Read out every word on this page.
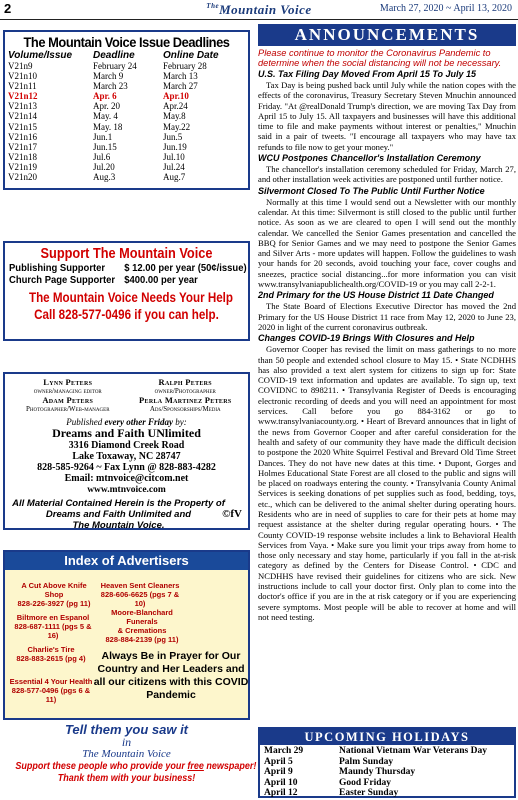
2	$^{The}$Mountain Voice	March 27, 2020 ~ April 13, 2020
The Mountain Voice Issue Deadlines
Volume/Issue	Deadline	Online Date
V21n9	February 24	February 28
V21n10	March 9	March 13
V21n11	March 23	March 27
V21n12	Apr. 6	Apr.10
V21n13	Apr. 20	Apr.24
V21n14	May. 4	May.8
V21n15	May. 18	May.22
V21n16	Jun.1	Jun.5
V21n17	Jun.15	Jun.19
V21n18	Jul.6	Jul.10
V21n19	Jul.20	Jul.24
V21n20	Aug.3	Aug.7
Support The Mountain Voice
Publishing Supporter $ 12.00 per year (50¢/issue)
Church Page Supporter $400.00 per year
The Mountain Voice Needs Your Help
Call 828-577-0496 if you can help.
Lynn Peters
owner/managing editor
Ralph Peters
owner/Photographer
Adam Peters
Photographer/Web-manager
Perla Martinez Peters
Ads/Sponsorships/Media
Published every other Friday by:
Dreams and Faith UNlimited
3316 Diamond Creek Road
Lake Toxaway, NC 28747
828-585-9264 ~ Fax Lynn @ 828-883-4282
Email: mtnvoice@citcom.net
www.mtnvoice.com
All Material Contained Herein is the Property of
Dreams and Faith Unlimited and
The Mountain Voice.
©fV
Index of Advertisers
A Cut Above Knife Shop
828-226-3927 (pg 11)
Heaven Sent Cleaners
828-606-6625 (pgs 7 & 10)
Biltmore en Espanol
828-687-1111 (pgs 5 & 16)
Moore-Blanchard Funerals
& Cremations
828-884-2139 (pg 11)
Charlie's Tire
828-883-2615 (pg 4)
Essential 4 Your Health
828-577-0496 (pgs 6 & 11)
Always Be in Prayer for Our Country and Her Leaders and all our citizens with this COVID Pandemic
Tell them you saw it
in
The Mountain Voice
Support these people who provide your free newspaper!
Thank them with your business!
ANNOUNCEMENTS
Please continue to monitor the Coronavirus Pandemic to determine when the social distancing will not be necessary.
U.S. Tax Filing Day Moved From April 15 To July 15
Tax Day is being pushed back until July while the nation copes with the effects of the coronavirus, Treasury Secretary Steven Mnuchin announced Friday. "At @realDonald Trump's direction, we are moving Tax Day from April 15 to July 15. All taxpayers and businesses will have this additional time to file and make payments without interest or penalties," Mnuchin said in a pair of tweets. "I encourage all taxpayers who may have tax refunds to file now to get your money."
WCU Postpones Chancellor's Installation Ceremony
The chancellor's installation ceremony scheduled for Friday, March 27, and other installation week activities are postponed until further notice.
Silvermont Closed To The Public Until Further Notice
Normally at this time I would send out a Newsletter with our monthly calendar. At this time: Silvermont is still closed to the public until further notice. As soon as we are cleared to open I will send out the monthly calendar. We cancelled the Senior Games presentation and cancelled the BBQ for Senior Games and we may need to postpone the Senior Games and Silver Arts - more updates will happen. Follow the guidelines to wash your hands for 20 seconds, avoid touching your face, cover coughs and sneezes, practice social distancing...for more information you can visit www.transylvaniapublichealth.org/COVID-19 or you may call 2-2-1.
2nd Primary for the US House District 11 Date Changed
The State Board of Elections Executive Director has moved the 2nd Primary for the US House District 11 race from May 12, 2020 to June 23, 2020 in light of the current coronavirus outbreak.
Changes COVID-19 Brings With Closures and Help
Governor Cooper has revised the limit on mass gatherings to no more than 50 people and extended school closure to May 15. • State NCDHHS has also provided a text alert system for citizens to sign up for: State COVID-19 text information and updates are available. To sign up, text COVIDNC to 898211. • Transylvania Register of Deeds is encouraging electronic recording of deeds and you will need an appointment for most services. Call before you go 884-3162 or go to www.transylvaniacounty.org. • Heart of Brevard announces that in light of the news from Governor Cooper and after careful consideration for the health and safety of our community they have made the difficult decision to postpone the 2020 White Squirrel Festival and Brevard Old Time Street Dances. They do not have new dates at this time. • Dupont, Gorges and Holmes Educational State Forest are all closed to the public and signs will be placed on roadways entering the county. • Transylvania County Animal Services is seeking donations of pet supplies such as food, bedding, toys, etc., which can be delivered to the animal shelter during operating hours. Residents who are in need of supplies to care for their pets at home may request assistance at the shelter during regular operating hours. • The County COVID-19 response website includes a link to Behavioral Health Services from Vaya. • Make sure you limit your trips away from home to those only necessary and stay home, particularly if you fall in the at-risk category as defined by the Centers for Disease Control. • CDC and NCDHHS have revised their guidelines for citizens who are sick. New instructions include to call your doctor first. Only plan to come into the doctor's office if you are in the at risk category or if you are experiencing severe symptoms. Most people will be able to recover at home and will not need testing.
UPCOMING HOLIDAYS
March 29	National Vietnam War Veterans Day
April 5	Palm Sunday
April 9	Maundy Thursday
April 10	Good Friday
April 12	Easter Sunday
